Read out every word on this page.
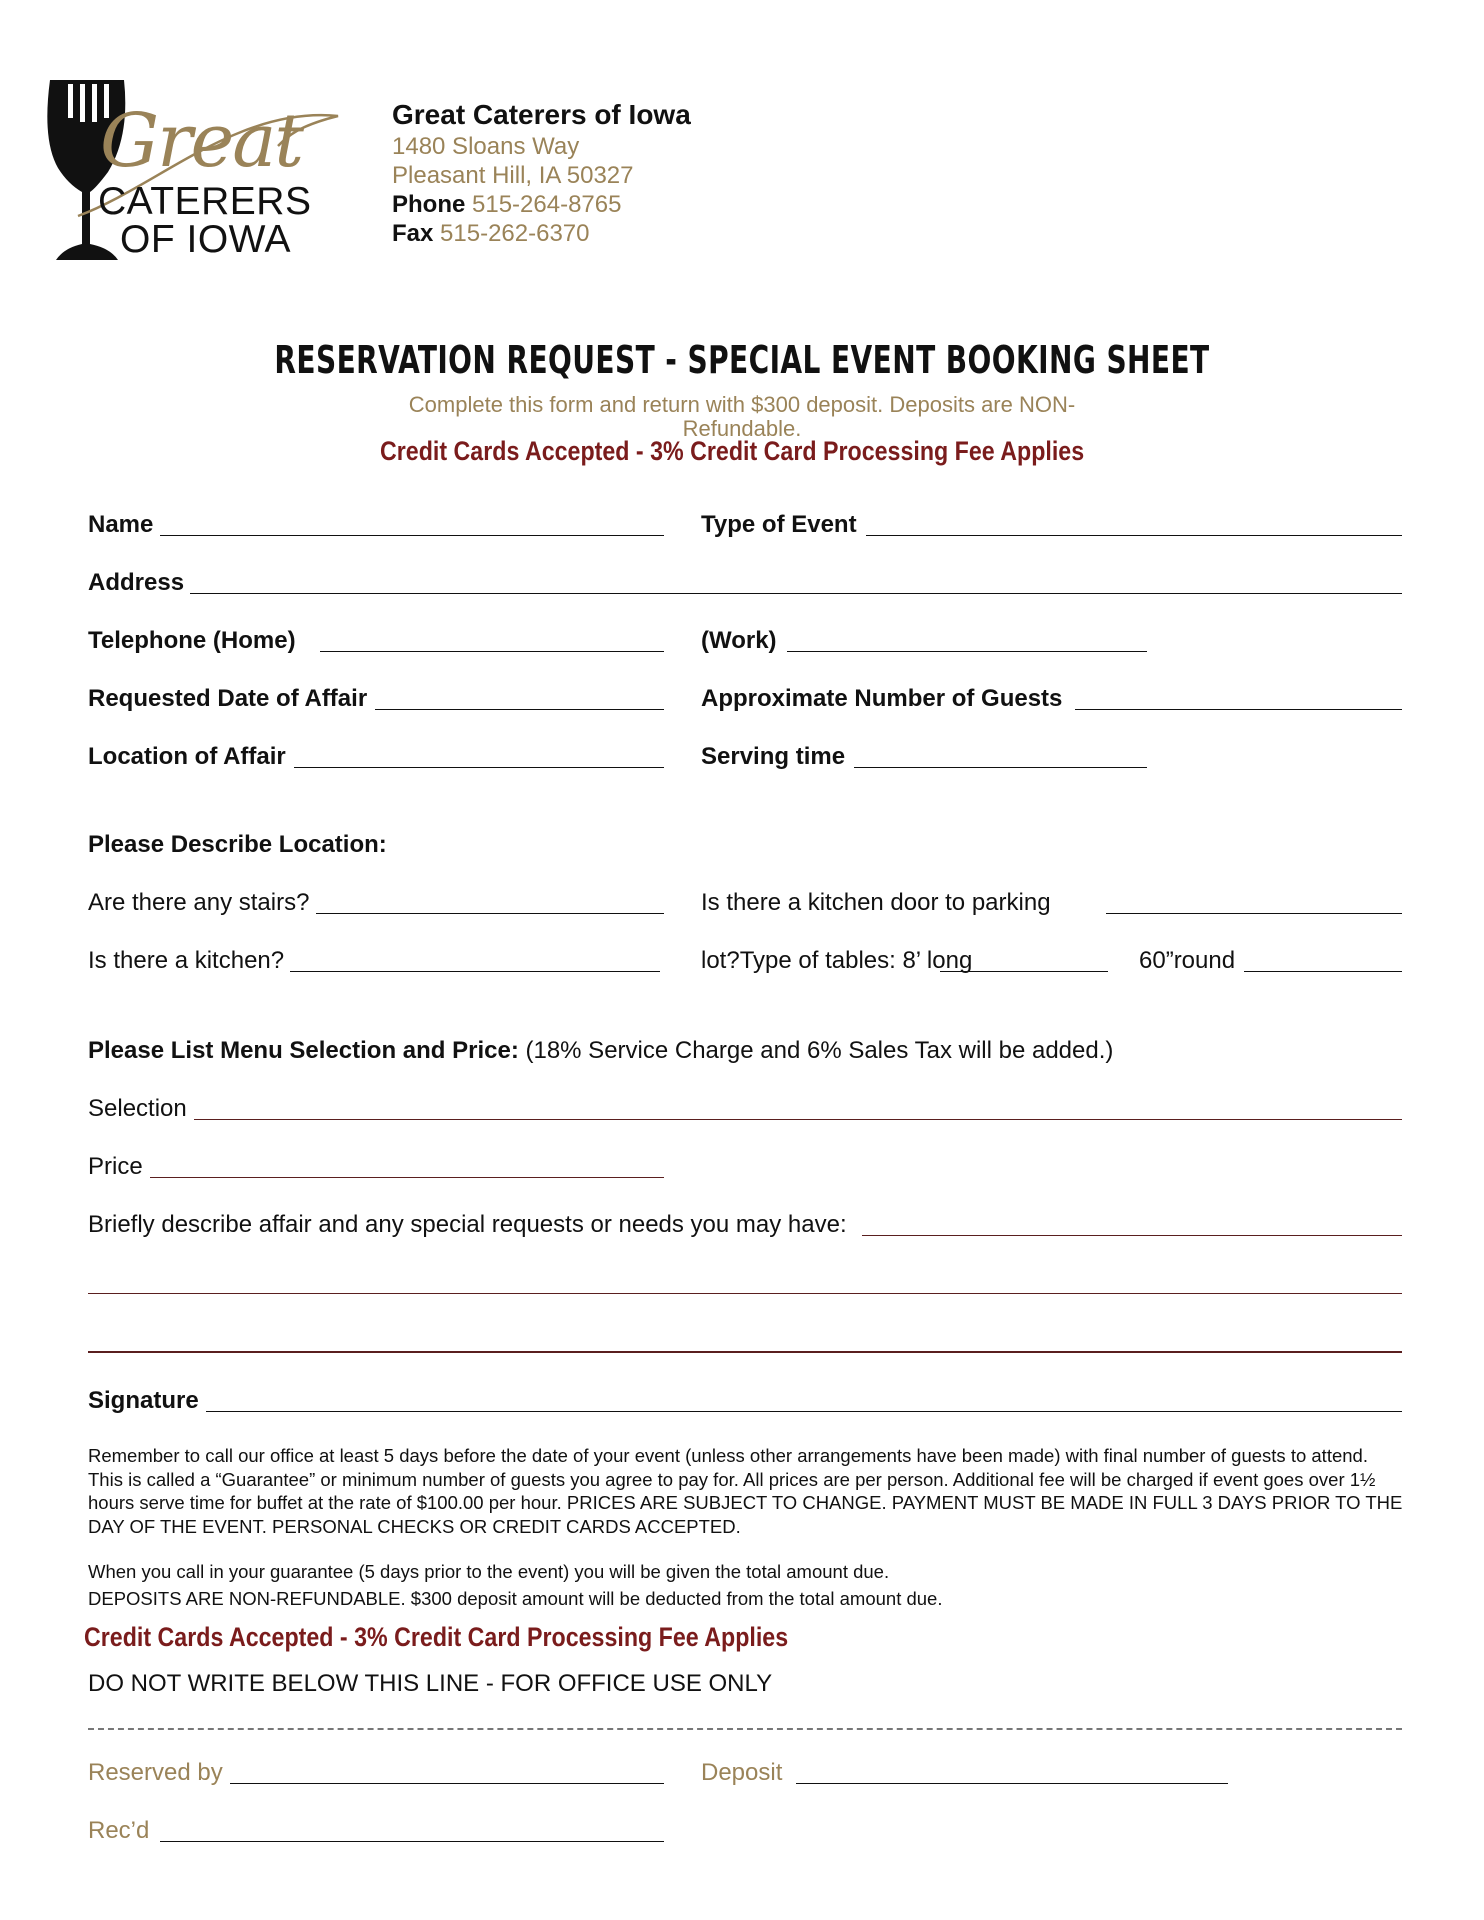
Great
CATERERS
OF IOWA
Great Caterers of Iowa
1480 Sloans Way
Pleasant Hill, IA 50327
Phone 515-264-8765
Fax 515-262-6370
RESERVATION REQUEST - SPECIAL EVENT BOOKING SHEET
Complete this form and return with $300 deposit. Deposits are NON-
Refundable.
Credit Cards Accepted - 3% Credit Card Processing Fee Applies
Name	Type of Event
Address
Telephone (Home)	(Work)
Requested Date of Affair	Approximate Number of Guests
Location of Affair	Serving time
Please Describe Location:
Are there any stairs?	Is there a kitchen door to parking
Is there a kitchen?	lot?Type of tables: 8’ long	60”round
Please List Menu Selection and Price: (18% Service Charge and 6% Sales Tax will be added.)
Selection
Price
Briefly describe affair and any special requests or needs you may have:
Signature
Remember to call our office at least 5 days before the date of your event (unless other arrangements have been made) with final number of guests to attend. This is called a “Guarantee” or minimum number of guests you agree to pay for. All prices are per person. Additional fee will be charged if event goes over 1½ hours serve time for buffet at the rate of $100.00 per hour. PRICES ARE SUBJECT TO CHANGE. PAYMENT MUST BE MADE IN FULL 3 DAYS PRIOR TO THE DAY OF THE EVENT. PERSONAL CHECKS OR CREDIT CARDS ACCEPTED.
When you call in your guarantee (5 days prior to the event) you will be given the total amount due.
DEPOSITS ARE NON-REFUNDABLE. $300 deposit amount will be deducted from the total amount due.
Credit Cards Accepted - 3% Credit Card Processing Fee Applies
DO NOT WRITE BELOW THIS LINE - FOR OFFICE USE ONLY
Reserved by	Deposit
Rec’d
